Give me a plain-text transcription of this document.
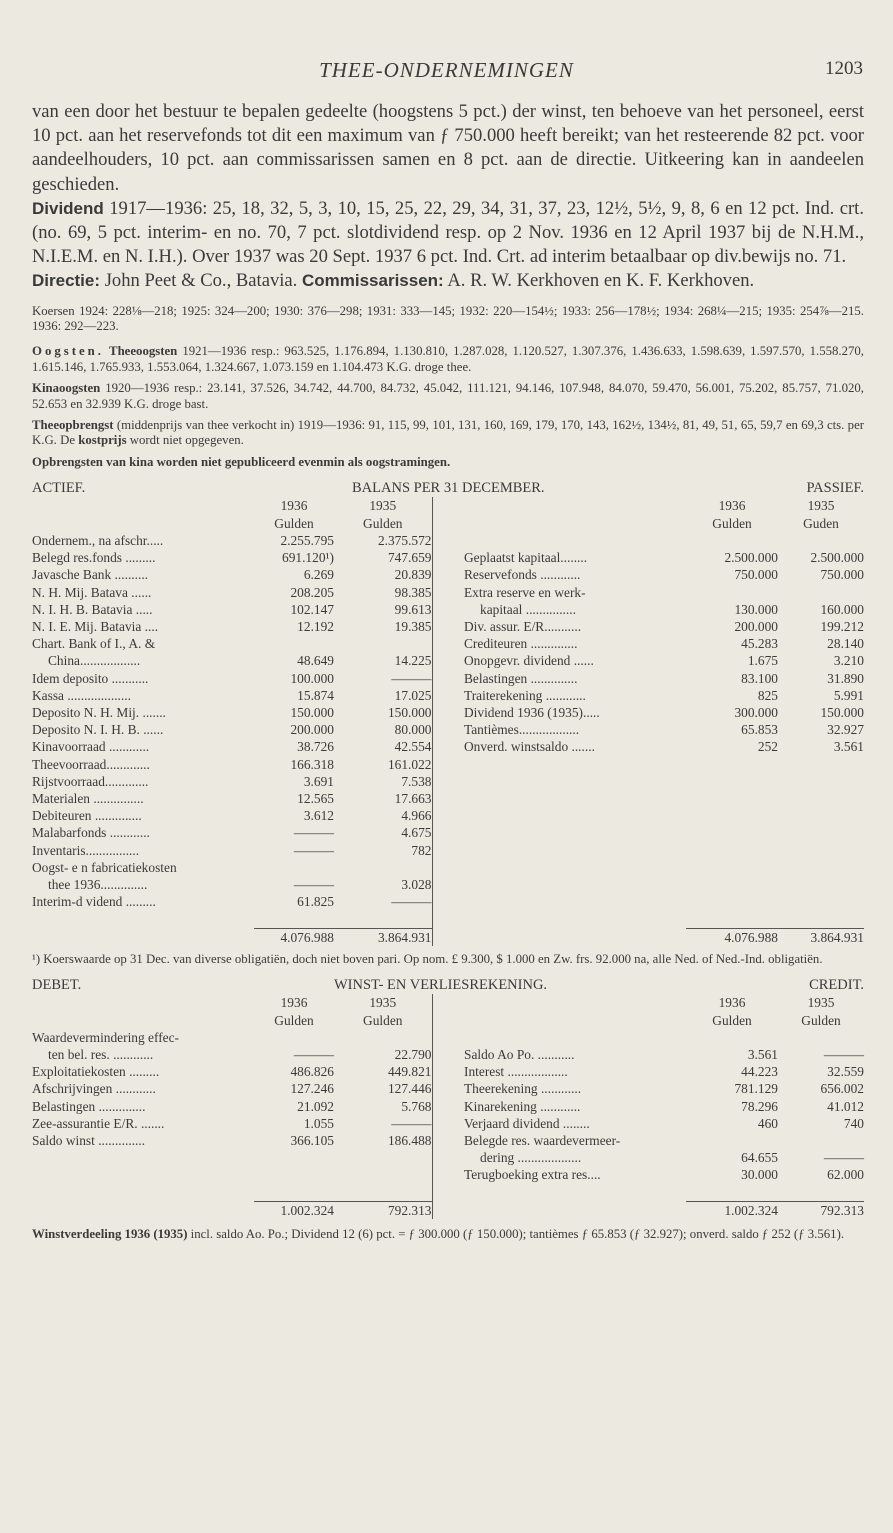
THEE-ONDERNEMINGEN	1203

van een door het bestuur te bepalen gedeelte (hoogstens 5 pct.) der winst, ten behoeve van het personeel, eerst 10 pct. aan het reservefonds tot dit een maximum van ƒ 750.000 heeft bereikt; van het resteerende 82 pct. voor aandeelhouders, 10 pct. aan commissarissen samen en 8 pct. aan de directie. Uitkeering kan in aandeelen geschieden.

Dividend 1917—1936: 25, 18, 32, 5, 3, 10, 15, 25, 22, 29, 34, 31, 37, 23, 12½, 5½, 9, 8, 6 en 12 pct. Ind. crt. (no. 69, 5 pct. interim- en no. 70, 7 pct. slotdividend resp. op 2 Nov. 1936 en 12 April 1937 bij de N.H.M., N.I.E.M. en N. I.H.). Over 1937 was 20 Sept. 1937 6 pct. Ind. Crt. ad interim betaalbaar op div.bewijs no. 71.

Directie: John Peet & Co., Batavia. Commissarissen: A. R. W. Kerkhoven en K. F. Kerkhoven.

Koersen 1924: 228⅛—218; 1925: 324—200; 1930: 376—298; 1931: 333—145; 1932: 220—154½; 1933: 256—178½; 1934: 268¼—215; 1935: 254⅞—215. 1936: 292—223.

Oogsten. Theeoogsten 1921—1936 resp.: 963.525, 1.176.894, 1.130.810, 1.287.028, 1.120.527, 1.307.376, 1.436.633, 1.598.639, 1.597.570, 1.558.270, 1.615.146, 1.765.933, 1.553.064, 1.324.667, 1.073.159 en 1.104.473 K.G. droge thee.

Kinaoogsten 1920—1936 resp.: 23.141, 37.526, 34.742, 44.700, 84.732, 45.042, 111.121, 94.146, 107.948, 84.070, 59.470, 56.001, 75.202, 85.757, 71.020, 52.653 en 32.939 K.G. droge bast.

Theeopbrengst (middenprijs van thee verkocht in) 1919—1936: 91, 115, 99, 101, 131, 160, 169, 179, 170, 143, 162½, 134½, 81, 49, 51, 65, 59,7 en 69,3 cts. per K.G. De kostprijs wordt niet opgegeven.

Opbrengsten van kina worden niet gepubliceerd evenmin als oogstramingen.

ACTIEF.		BALANS PER 31 DECEMBER.			PASSIEF.	
	1936	1935			1936	1935
	Gulden	Gulden			Gulden	Guden
Ondernem., na afschr.....	2.255.795	2.375.572				
Belegd res.fonds .........	691.120¹)	747.659		Geplaatst kapitaal........	2.500.000	2.500.000
Javasche Bank ..........	6.269	20.839		Reservefonds ............	750.000	750.000
N. H. Mij. Batava ......	208.205	98.385		Extra reserve en werk-		
N. I. H. B. Batavia .....	102.147	99.613		kapitaal ...............	130.000	160.000
N. I. E. Mij. Batavia ....	12.192	19.385		Div. assur. E/R...........	200.000	199.212
Chart. Bank of I., A. &				Crediteuren ..............	45.283	28.140
China..................	48.649	14.225		Onopgevr. dividend ......	1.675	3.210
Idem deposito ...........	100.000	———		Belastingen ..............	83.100	31.890
Kassa ...................	15.874	17.025		Traiterekening ............	825	5.991
Deposito N. H. Mij. .......	150.000	150.000		Dividend 1936 (1935).....	300.000	150.000
Deposito N. I. H. B. ......	200.000	80.000		Tantièmes..................	65.853	32.927
Kinavoorraad ............	38.726	42.554		Onverd. winstsaldo .......	252	3.561
Theevoorraad.............	166.318	161.022				
Rijstvoorraad.............	3.691	7.538				
Materialen ...............	12.565	17.663				
Debiteuren ..............	3.612	4.966				
Malabarfonds ............	———	4.675				
Inventaris................	———	782				
Oogst- e n fabricatiekosten						
thee 1936..............	———	3.028				
Interim-d vidend .........	61.825	———				

	4.076.988	3.864.931			4.076.988	3.864.931

¹) Koerswaarde op 31 Dec. van diverse obligatiën, doch niet boven pari. Op nom. £ 9.300, $ 1.000 en Zw. frs. 92.000 na, alle Ned. of Ned.-Ind. obligatiën.

DEBET.		WINST- EN VERLIESREKENING.			CREDIT.	
	1936	1935			1936	1935
	Gulden	Gulden			Gulden	Gulden
Waardevermindering effec-						
ten bel. res. ............	———	22.790		Saldo Ao Po. ...........	3.561	———
Exploitatiekosten .........	486.826	449.821		Interest ..................	44.223	32.559
Afschrijvingen ............	127.246	127.446		Theerekening ............	781.129	656.002
Belastingen ..............	21.092	5.768		Kinarekening ............	78.296	41.012
Zee-assurantie E/R. .......	1.055	———		Verjaard dividend ........	460	740
Saldo winst ..............	366.105	186.488		Belegde res. waardevermeer-		
				dering ...................	64.655	———
				Terugboeking extra res....	30.000	62.000

	1.002.324	792.313			1.002.324	792.313

Winstverdeeling 1936 (1935) incl. saldo Ao. Po.; Dividend 12 (6) pct. = ƒ 300.000 (ƒ 150.000); tantièmes ƒ 65.853 (ƒ 32.927); onverd. saldo ƒ 252 (ƒ 3.561).
